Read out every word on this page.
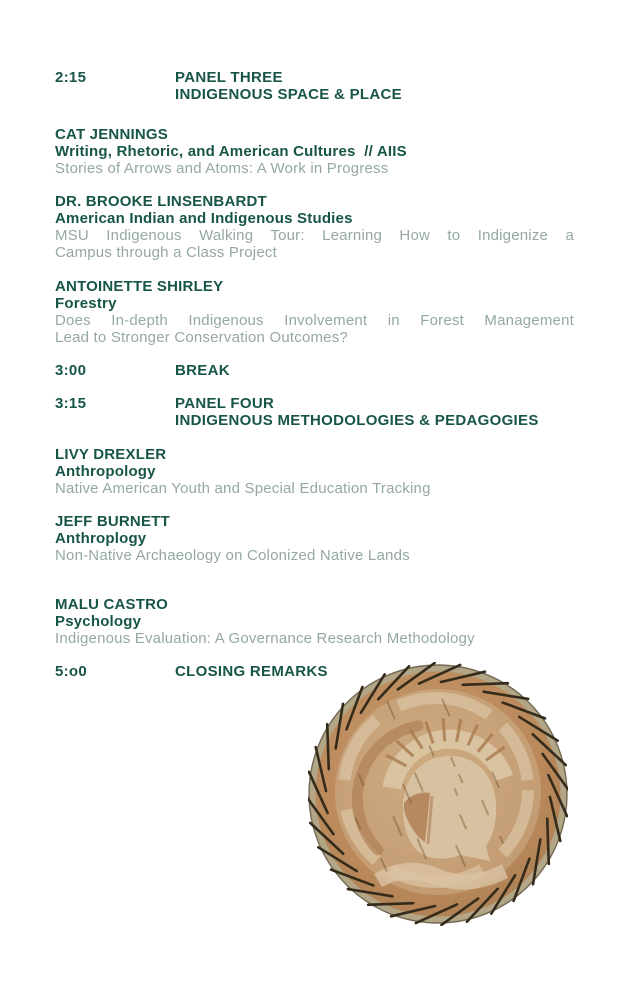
2:15	PANEL THREE
INDIGENOUS SPACE & PLACE
CAT JENNINGS
Writing, Rhetoric, and American Cultures  // AIIS
Stories of Arrows and Atoms: A Work in Progress
DR. BROOKE LINSENBARDT
American Indian and Indigenous Studies
MSU Indigenous Walking Tour: Learning How to Indigenize a
Campus through a Class Project
ANTOINETTE SHIRLEY
Forestry
Does In-depth Indigenous Involvement in Forest Management
Lead to Stronger Conservation Outcomes?
3:00	BREAK
3:15	PANEL FOUR
INDIGENOUS METHODOLOGIES & PEDAGOGIES
LIVY DREXLER
Anthropology
Native American Youth and Special Education Tracking
JEFF BURNETT
Anthroplogy
Non-Native Archaeology on Colonized Native Lands
MALU CASTRO
Psychology
Indigenous Evaluation: A Governance Research Methodology
5:o0	CLOSING REMARKS
